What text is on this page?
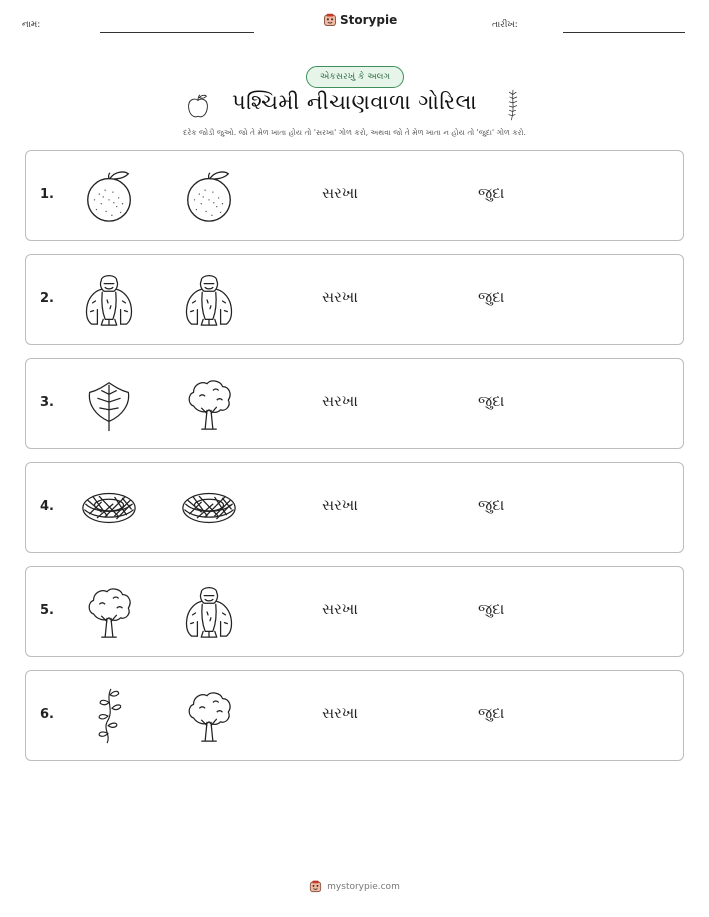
નામ:	Storypie	તારીખ:
એકસરખું કે અલગ
પશ્ચિમી નીચાણવાળા ગોરિલા
દરેક જોડી જુઓ. જો તે મેળ ખાતા હોય તો 'સરખા' ગોળ કરો, અથવા જો તે મેળ ખાતા ન હોય તો 'જુદા' ગોળ કરો.
1.	સરખા	જુદા
2.	સરખા	જુદા
3.	સરખા	જુદા
4.	સરખા	જુદા
5.	સરખા	જુદા
6.	સરખા	જુદા
mystorypie.com
